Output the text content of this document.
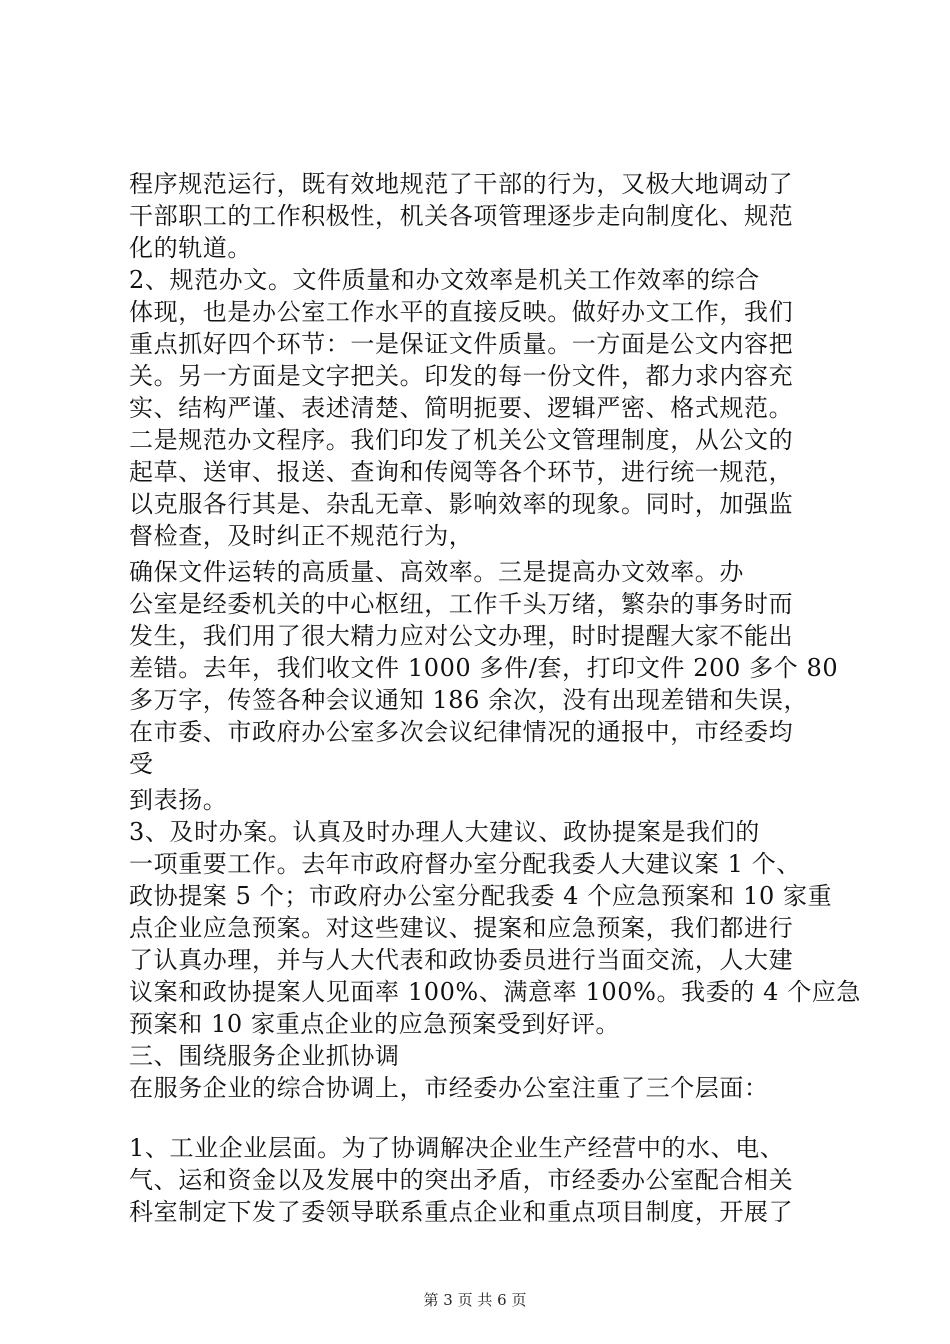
程序规范运行，既有效地规范了干部的行为，又极大地调动了
干部职工的工作积极性，机关各项管理逐步走向制度化、规范
化的轨道。
2、规范办文。文件质量和办文效率是机关工作效率的综合
体现，也是办公室工作水平的直接反映。做好办文工作，我们
重点抓好四个环节：一是保证文件质量。一方面是公文内容把
关。另一方面是文字把关。印发的每一份文件，都力求内容充
实、结构严谨、表述清楚、简明扼要、逻辑严密、格式规范。
二是规范办文程序。我们印发了机关公文管理制度，从公文的
起草、送审、报送、查询和传阅等各个环节，进行统一规范，
以克服各行其是、杂乱无章、影响效率的现象。同时，加强监
督检查，及时纠正不规范行为，
确保文件运转的高质量、高效率。三是提高办文效率。办
公室是经委机关的中心枢纽，工作千头万绪，繁杂的事务时而
发生，我们用了很大精力应对公文办理，时时提醒大家不能出
差错。去年，我们收文件 1000 多件/套，打印文件 200 多个 80
多万字，传签各种会议通知 186 余次，没有出现差错和失误，
在市委、市政府办公室多次会议纪律情况的通报中，市经委均
受
到表扬。
3、及时办案。认真及时办理人大建议、政协提案是我们的
一项重要工作。去年市政府督办室分配我委人大建议案 1 个、
政协提案 5 个；市政府办公室分配我委 4 个应急预案和 10 家重
点企业应急预案。对这些建议、提案和应急预案，我们都进行
了认真办理，并与人大代表和政协委员进行当面交流，人大建
议案和政协提案人见面率 100%、满意率 100%。我委的 4 个应急
预案和 10 家重点企业的应急预案受到好评。
三、围绕服务企业抓协调
在服务企业的综合协调上，市经委办公室注重了三个层面：
1、工业企业层面。为了协调解决企业生产经营中的水、电、
气、运和资金以及发展中的突出矛盾，市经委办公室配合相关
科室制定下发了委领导联系重点企业和重点项目制度，开展了
第 3 页 共 6 页
